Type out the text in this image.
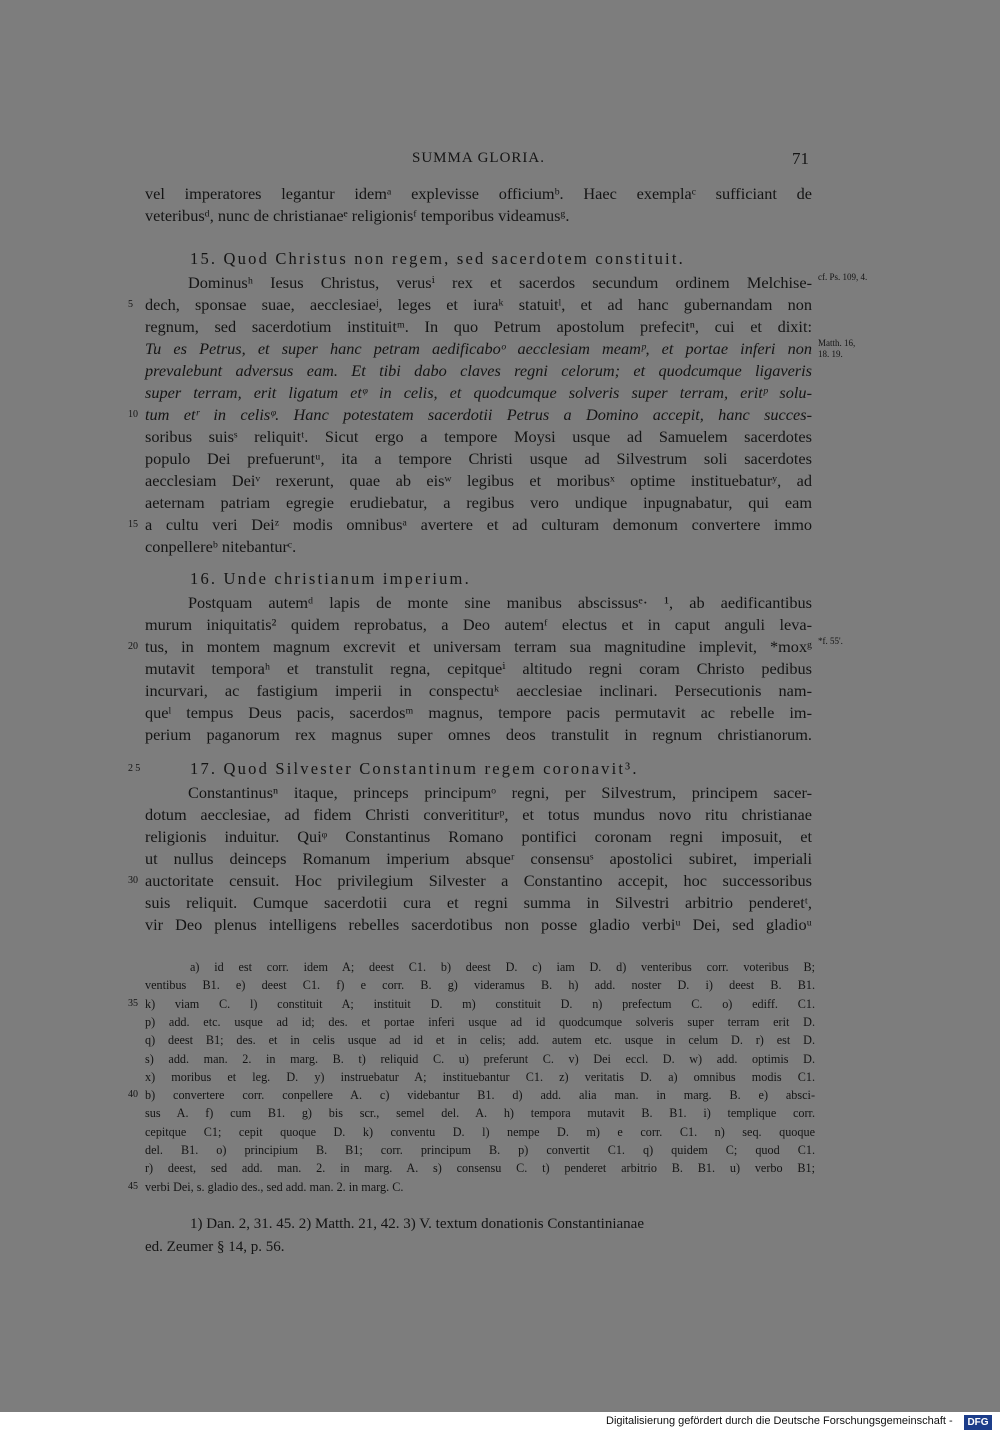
SUMMA GLORIA.	71
vel imperatores legantur idemᵃ explevisse officiumᵇ. Haec exemplaᶜ sufficiant de
veteribusᵈ, nunc de christianaeᵉ religionisᶠ temporibus videamusᵍ.
15. Quod Christus non regem, sed sacerdotem constituit.
Dominusʰ Iesus Christus, verusⁱ rex et sacerdos secundum ordinem Melchise- cf. Ps. 109, 4.
5 dech, sponsae suae, aecclesiaeʲ, leges et iuraᵏ statuitˡ, et ad hanc gubernandam non
regnum, sed sacerdotium instituitᵐ. In quo Petrum apostolum prefecitⁿ, cui et dixit:
Tu es Petrus, et super hanc petram aedificaboᵒ aecclesiam meamᵖ, et portae inferi non Matth. 16,
18. 19.
prevalebunt adversus eam. Et tibi dabo claves regni celorum; et quodcumque ligaveris
super terram, erit ligatum etᵠ in celis, et quodcumque solveris super terram, eritᵖ solu-
10 tum etʳ in celisᵠ. Hanc potestatem sacerdotii Petrus a Domino accepit, hanc succes-
soribus suisˢ reliquitᵗ. Sicut ergo a tempore Moysi usque ad Samuelem sacerdotes
populo Dei prefueruntᵘ, ita a tempore Christi usque ad Silvestrum soli sacerdotes
aecclesiam Deiᵛ rexerunt, quae ab eisʷ legibus et moribusˣ optime instituebaturʸ, ad
aeternam patriam egregie erudiebatur, a regibus vero undique inpugnabatur, qui eam
15 a cultu veri Deiᶻ modis omnibusᵃ avertere et ad culturam demonum convertere immo
conpellereᵇ nitebanturᶜ.
16. Unde christianum imperium.
Postquam autemᵈ lapis de monte sine manibus abscissusᵉ· ¹, ab aedificantibus
murum iniquitatis² quidem reprobatus, a Deo autemᶠ electus et in caput anguli leva-
20 tus, in montem magnum excrevit et universam terram sua magnitudine implevit, *moxᵍ *f. 55'.
mutavit temporaʰ et transtulit regna, cepitqueⁱ altitudo regni coram Christo pedibus
incurvari, ac fastigium imperii in conspectuᵏ aecclesiae inclinari. Persecutionis nam-
queˡ tempus Deus pacis, sacerdosᵐ magnus, tempore pacis permutavit ac rebelle im-
perium paganorum rex magnus super omnes deos transtulit in regnum christianorum.
17. Quod Silvester Constantinum regem coronavit³.
25
Constantinusⁿ itaque, princeps principumᵒ regni, per Silvestrum, principem sacer-
dotum aecclesiae, ad fidem Christi converititurᵖ, et totus mundus novo ritu christianae
religionis induitur. Quiᵠ Constantinus Romano pontifici coronam regni imposuit, et
ut nullus deinceps Romanum imperium absqueʳ consensuˢ apostolici subiret, imperiali
30 auctoritate censuit. Hoc privilegium Silvester a Constantino accepit, hoc successoribus
suis reliquit. Cumque sacerdotii cura et regni summa in Silvestri arbitrio penderetᵗ,
vir Deo plenus intelligens rebelles sacerdotibus non posse gladio verbiᵘ Dei, sed gladioᵘ
a) id est corr. idem A; deest C1. b) deest D. c) iam D. d) venteribus corr. voteribus B;
ventibus B1. e) deest C1. f) e corr. B. g) videramus B. h) add. noster D. i) deest B. B1.
35 k) viam C. l) constituit A; instituit D. m) constituit D. n) prefectum C. o) ediff. C1.
p) add. etc. usque ad id; des. et portae inferi usque ad id quodcumque solveris super terram erit D.
q) deest B1; des. et in celis usque ad id et in celis; add. autem etc. usque in celum D. r) est D.
s) add. man. 2. in marg. B. t) reliquid C. u) preferunt C. v) Dei eccl. D. w) add. optimis D.
x) moribus et leg. D. y) instruebatur A; instituebantur C1. z) veritatis D. a) omnibus modis C1.
40 b) convertere corr. conpellere A. c) videbantur B1. d) add. alia man. in marg. B. e) absci-
sus A. f) cum B1. g) bis scr., semel del. A. h) tempora mutavit B. B1. i) templique corr.
cepitque C1; cepit quoque D. k) conventu D. l) nempe D. m) e corr. C1. n) seq. quoque
del. B1. o) principium B. B1; corr. principum B. p) convertit C1. q) quidem C; quod C1.
r) deest, sed add. man. 2. in marg. A. s) consensu C. t) penderet arbitrio B. B1. u) verbo B1;
45 verbi Dei, s. gladio des., sed add. man. 2. in marg. C.
1) Dan. 2, 31. 45. 2) Matth. 21, 42. 3) V. textum donationis Constantinianae
ed. Zeumer § 14, p. 56.
Digitalisierung gefördert durch die Deutsche Forschungsgemeinschaft -	DFG
